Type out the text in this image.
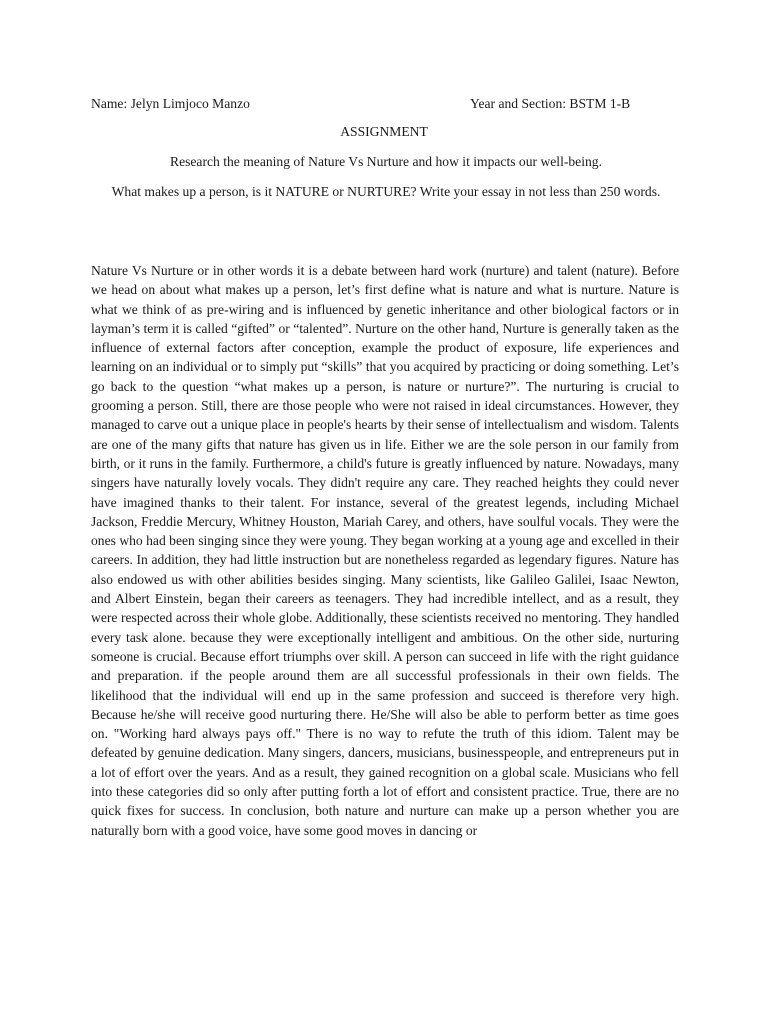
Name: Jelyn Limjoco Manzo	Year and Section: BSTM 1-B
ASSIGNMENT
Research the meaning of Nature Vs Nurture and how it impacts our well-being.
What makes up a person, is it NATURE or NURTURE? Write your essay in not less than 250 words.

Nature Vs Nurture or in other words it is a debate between hard work (nurture) and talent (nature). Before we head on about what makes up a person, let’s first define what is nature and what is nurture. Nature is what we think of as pre-wiring and is influenced by genetic inheritance and other biological factors or in layman’s term it is called “gifted” or “talented”. Nurture on the other hand, Nurture is generally taken as the influence of external factors after conception, example the product of exposure, life experiences and learning on an individual or to simply put “skills” that you acquired by practicing or doing something. Let’s go back to the question “what makes up a person, is nature or nurture?”. The nurturing is crucial to grooming a person. Still, there are those people who were not raised in ideal circumstances. However, they managed to carve out a unique place in people's hearts by their sense of intellectualism and wisdom. Talents are one of the many gifts that nature has given us in life. Either we are the sole person in our family from birth, or it runs in the family. Furthermore, a child's future is greatly influenced by nature. Nowadays, many singers have naturally lovely vocals. They didn't require any care. They reached heights they could never have imagined thanks to their talent. For instance, several of the greatest legends, including Michael Jackson, Freddie Mercury, Whitney Houston, Mariah Carey, and others, have soulful vocals. They were the ones who had been singing since they were young. They began working at a young age and excelled in their careers. In addition, they had little instruction but are nonetheless regarded as legendary figures. Nature has also endowed us with other abilities besides singing. Many scientists, like Galileo Galilei, Isaac Newton, and Albert Einstein, began their careers as teenagers. They had incredible intellect, and as a result, they were respected across their whole globe. Additionally, these scientists received no mentoring. They handled every task alone. because they were exceptionally intelligent and ambitious. On the other side, nurturing someone is crucial. Because effort triumphs over skill. A person can succeed in life with the right guidance and preparation. if the people around them are all successful professionals in their own fields. The likelihood that the individual will end up in the same profession and succeed is therefore very high. Because he/she will receive good nurturing there. He/She will also be able to perform better as time goes on. "Working hard always pays off." There is no way to refute the truth of this idiom. Talent may be defeated by genuine dedication. Many singers, dancers, musicians, businesspeople, and entrepreneurs put in a lot of effort over the years. And as a result, they gained recognition on a global scale. Musicians who fell into these categories did so only after putting forth a lot of effort and consistent practice. True, there are no quick fixes for success. In conclusion, both nature and nurture can make up a person whether you are naturally born with a good voice, have some good moves in dancing or
